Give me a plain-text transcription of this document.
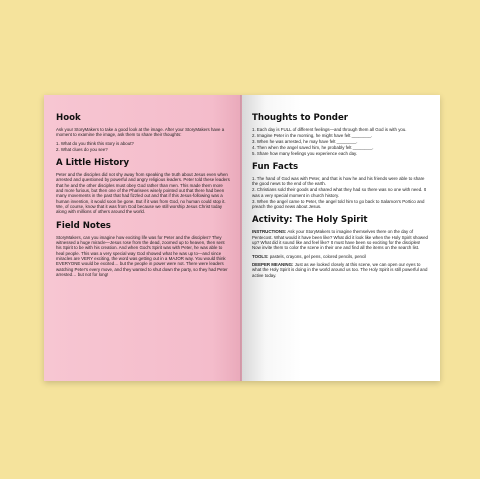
Hook

Ask your StoryMakers to take a good look at the image. After your StoryMakers have a moment to examine the image, ask them to share their thoughts:

1. What do you think this story is about?
2. What clues do you see?
A Little History

Peter and the disciples did not shy away from speaking the truth about Jesus even when arrested and questioned by powerful and angry religious leaders. Peter told these leaders that he and the other disciples must obey God rather than men. This made them more and more furious, but then one of the Pharisees wisely pointed out that there had been many movements in the past that had fizzled out and that if this Jesus-following was a human invention, it would soon be gone. But if it was from God, no human could stop it. We, of course, know that it was from God because we still worship Jesus Christ today along with millions of others around the world.

Field Notes

StoryMakers, can you imagine how exciting life was for Peter and the disciples? They witnessed a huge miracle—Jesus rose from the dead, zoomed up to heaven, then sent his Spirit to be with his creation. And when God's Spirit was with Peter, he was able to heal people. This was a very special way God showed what he was up to—and since miracles are VERY exciting, the word was getting out in a MAJOR way. You would think EVERYONE would be excited… but the people in power were not. There were leaders watching Peter's every move, and they wanted to shut down the party, so they had Peter arrested… but not for long!

Thoughts to Ponder
1. Each day is FULL of different feelings—and through them all God is with you.
2. Imagine Peter in the morning, he might have felt ________.
3. When he was arrested, he may have felt ________.
4. Then when the angel saved him, he probably felt ________.
5. Share how many feelings you experience each day.
Fun Facts
1. The hand of God was with Peter, and that is how he and his friends were able to share the good news to the end of the earth.
2. Christians sold their goods and shared what they had so there was no one with need. It was a very special moment in church history.
3. When the angel came to Peter, the angel told him to go back to Salamon's Portico and preach the good news about Jesus.
Activity: The Holy Spirit

INSTRUCTIONS: Ask your StoryMakers to imagine themselves there on the day of Pentecost. What would it have been like? What did it look like when the Holy Spirit showed up? What did it sound like and feel like? It must have been so exciting for the disciples! Now invite them to color the scene in their one and find all the items on the search list.

TOOLS: pastels, crayons, gel pens, colored pencils, pencil

DEEPER MEANING: Just as we looked closely at this scene, we can open our eyes to what the Holy Spirit is doing in the world around us too. The Holy Spirit is still powerful and active today.
